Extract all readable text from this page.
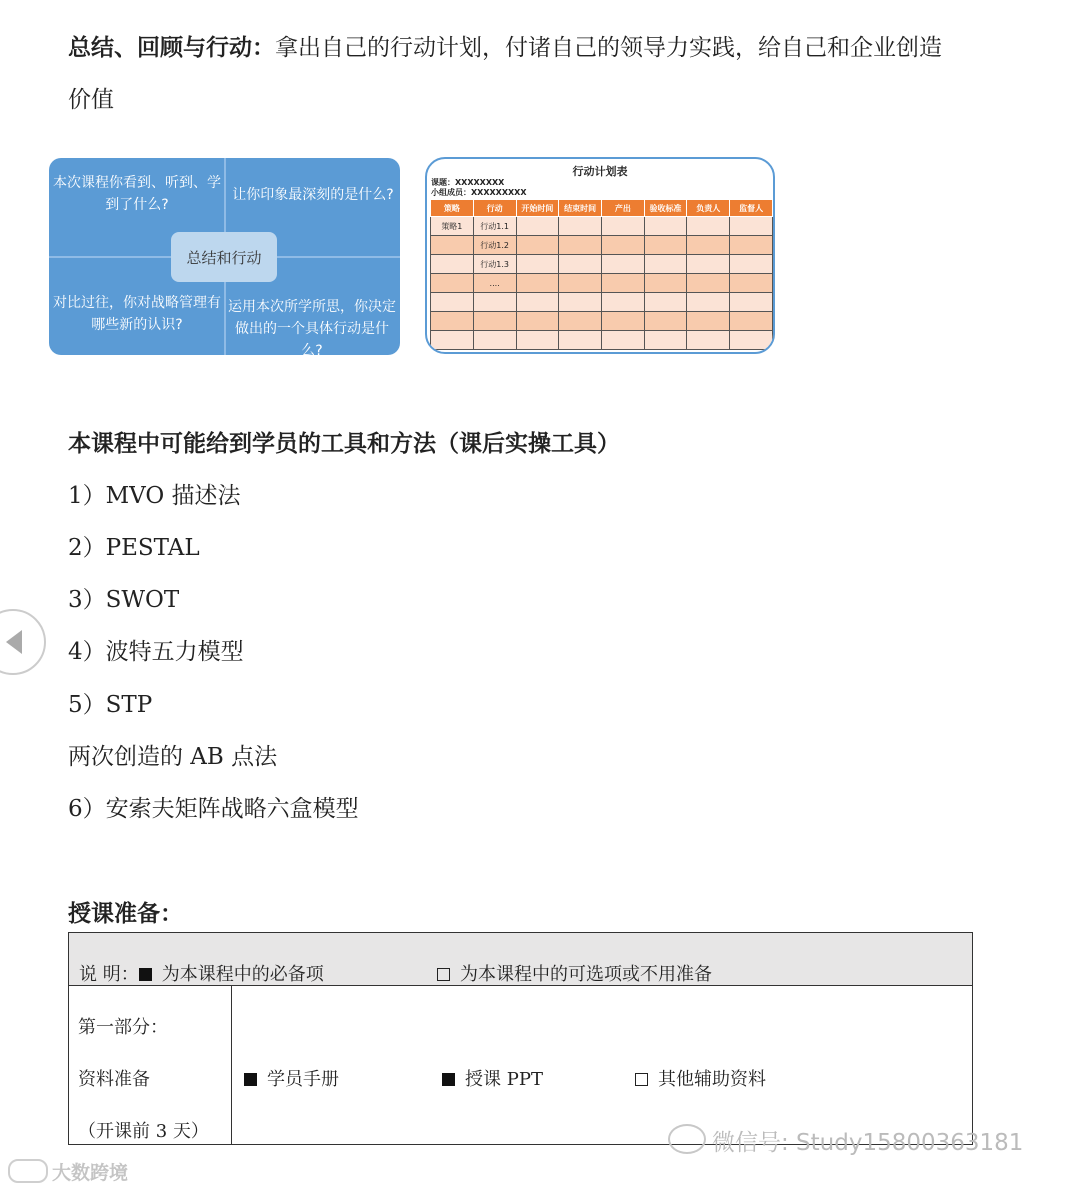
总结、回顾与行动：拿出自己的行动计划，付诸自己的领导力实践，给自己和企业创造
价值
本次课程你看到、听到、学
到了什么?
让你印象最深刻的是什么?
对比过往，你对战略管理有
哪些新的认识?
运用本次所学所思，你决定
做出的一个具体行动是什么?
总结和行动
行动计划表
课题：XXXXXXXX
小组成员：XXXXXXXXX
策略	行动	开始时间	结束时间	产出	验收标准	负责人	监督人
策略1	行动1.1						
	行动1.2						
	行动1.3						
	....						

本课程中可能给到学员的工具和方法（课后实操工具）
1）MVO 描述法
2）PESTAL
3）SWOT
4）波特五力模型
5）STP
两次创造的 AB 点法
6）安索夫矩阵战略六盒模型
授课准备：
说 明： 为本课程中的必备项	为本课程中的可选项或不用准备
第一部分：
资料准备
（开课前 3 天）
学员手册	授课 PPT	其他辅助资料
微信号: Study15800363181
大数跨境
